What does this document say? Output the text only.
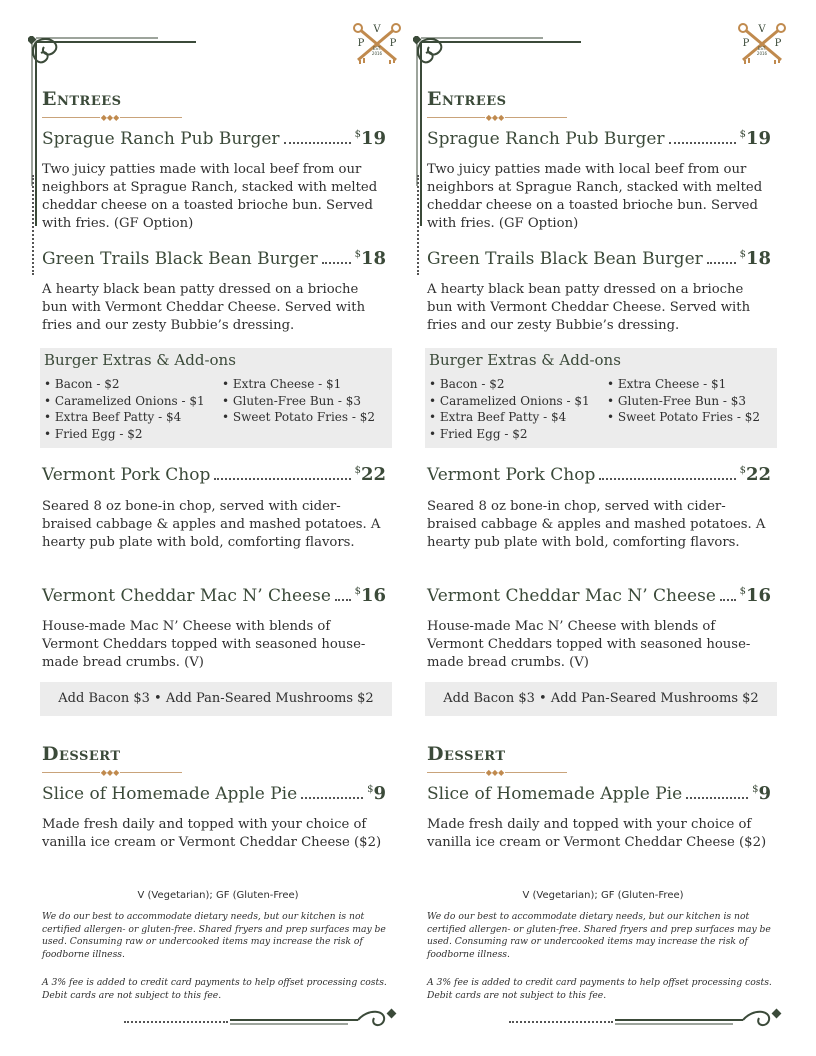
V
P	P
EST.
2016
Entrees
◆◆◆
Sprague Ranch Pub Burger	$19
Two juicy patties made with local beef from our neighbors at Sprague Ranch, stacked with melted cheddar cheese on a toasted brioche bun. Served with fries. (GF Option)
Green Trails Black Bean Burger	$18
A hearty black bean patty dressed on a brioche bun with Vermont Cheddar Cheese. Served with fries and our zesty Bubbie’s dressing.
Burger Extras & Add-ons
• Bacon - $2
• Caramelized Onions - $1
• Extra Beef Patty - $4
• Fried Egg - $2
• Extra Cheese - $1
• Gluten-Free Bun - $3
• Sweet Potato Fries - $2
Vermont Pork Chop	$22
Seared 8 oz bone-in chop, served with cider-braised cabbage & apples and mashed potatoes. A hearty pub plate with bold, comforting flavors.
Vermont Cheddar Mac N’ Cheese $16
House-made Mac N’ Cheese with blends of Vermont Cheddars topped with seasoned house-made bread crumbs. (V)
Add Bacon $3 • Add Pan-Seared Mushrooms $2
Dessert
◆◆◆
Slice of Homemade Apple Pie	$9
Made fresh daily and topped with your choice of vanilla ice cream or Vermont Cheddar Cheese ($2)
V (Vegetarian); GF (Gluten-Free)
We do our best to accommodate dietary needs, but our kitchen is not certified allergen- or gluten-free. Shared fryers and prep surfaces may be used. Consuming raw or undercooked items may increase the risk of foodborne illness.
A 3% fee is added to credit card payments to help offset processing costs. Debit cards are not subject to this fee.
V
P	P
EST.
2016
Entrees
◆◆◆
Sprague Ranch Pub Burger	$19
Two juicy patties made with local beef from our neighbors at Sprague Ranch, stacked with melted cheddar cheese on a toasted brioche bun. Served with fries. (GF Option)
Green Trails Black Bean Burger	$18
A hearty black bean patty dressed on a brioche bun with Vermont Cheddar Cheese. Served with fries and our zesty Bubbie’s dressing.
Burger Extras & Add-ons
• Bacon - $2
• Caramelized Onions - $1
• Extra Beef Patty - $4
• Fried Egg - $2
• Extra Cheese - $1
• Gluten-Free Bun - $3
• Sweet Potato Fries - $2
Vermont Pork Chop	$22
Seared 8 oz bone-in chop, served with cider-braised cabbage & apples and mashed potatoes. A hearty pub plate with bold, comforting flavors.
Vermont Cheddar Mac N’ Cheese $16
House-made Mac N’ Cheese with blends of Vermont Cheddars topped with seasoned house-made bread crumbs. (V)
Add Bacon $3 • Add Pan-Seared Mushrooms $2
Dessert
◆◆◆
Slice of Homemade Apple Pie	$9
Made fresh daily and topped with your choice of vanilla ice cream or Vermont Cheddar Cheese ($2)
V (Vegetarian); GF (Gluten-Free)
We do our best to accommodate dietary needs, but our kitchen is not certified allergen- or gluten-free. Shared fryers and prep surfaces may be used. Consuming raw or undercooked items may increase the risk of foodborne illness.
A 3% fee is added to credit card payments to help offset processing costs. Debit cards are not subject to this fee.
